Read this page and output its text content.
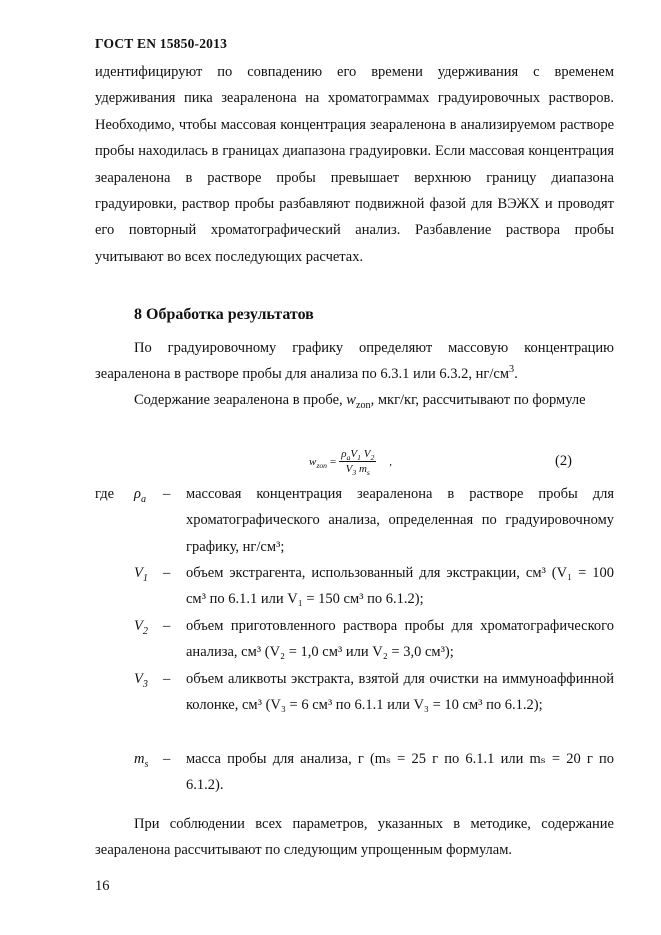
ГОСТ EN 15850-2013

идентифицируют по совпадению его времени удерживания с временем удерживания пика зеараленона на хроматограммах градуировочных растворов. Необходимо, чтобы массовая концентрация зеараленона в анализируемом растворе пробы находилась в границах диапазона градуировки. Если массовая концентрация зеараленона в растворе пробы превышает верхнюю границу диапазона градуировки, раствор пробы разбавляют подвижной фазой для ВЭЖХ и проводят его повторный хроматографический анализ. Разбавление раствора пробы учитывают во всех последующих расчетах.

8 Обработка результатов

По градуировочному графику определяют массовую концентрацию зеараленона в растворе пробы для анализа по 6.3.1 или 6.3.2, $нг/см^3$.

Содержание зеараленона в пробе, $w_{zon}$, мкг/кг, рассчитывают по формуле

$w_{zon} = \frac{\rho_aV_1 V_2}{V_3 m_s}$ ,	(2)
где $\rho_a$ – массовая концентрация зеараленона в растворе пробы для хроматографического анализа, определенная по градуировочному графику, нг/см³;
$V_1$ – объем экстрагента, использованный для экстракции, см³ (V₁ = 100 см³ по 6.1.1 или V₁ = 150 см³ по 6.1.2);
$V_2$ – объем приготовленного раствора пробы для хроматографического анализа, см³ (V₂ = 1,0 см³ или V₂ = 3,0 см³);
$V_3$ – объем аликвоты экстракта, взятой для очистки на иммуноаффинной колонке, см³ (V₃ = 6 см³ по 6.1.1 или V₃ = 10 см³ по 6.1.2);
$m_s$ – масса пробы для анализа, г (mₛ = 25 г по 6.1.1 или mₛ = 20 г по 6.1.2).

При соблюдении всех параметров, указанных в методике, содержание зеараленона рассчитывают по следующим упрощенным формулам.

16
